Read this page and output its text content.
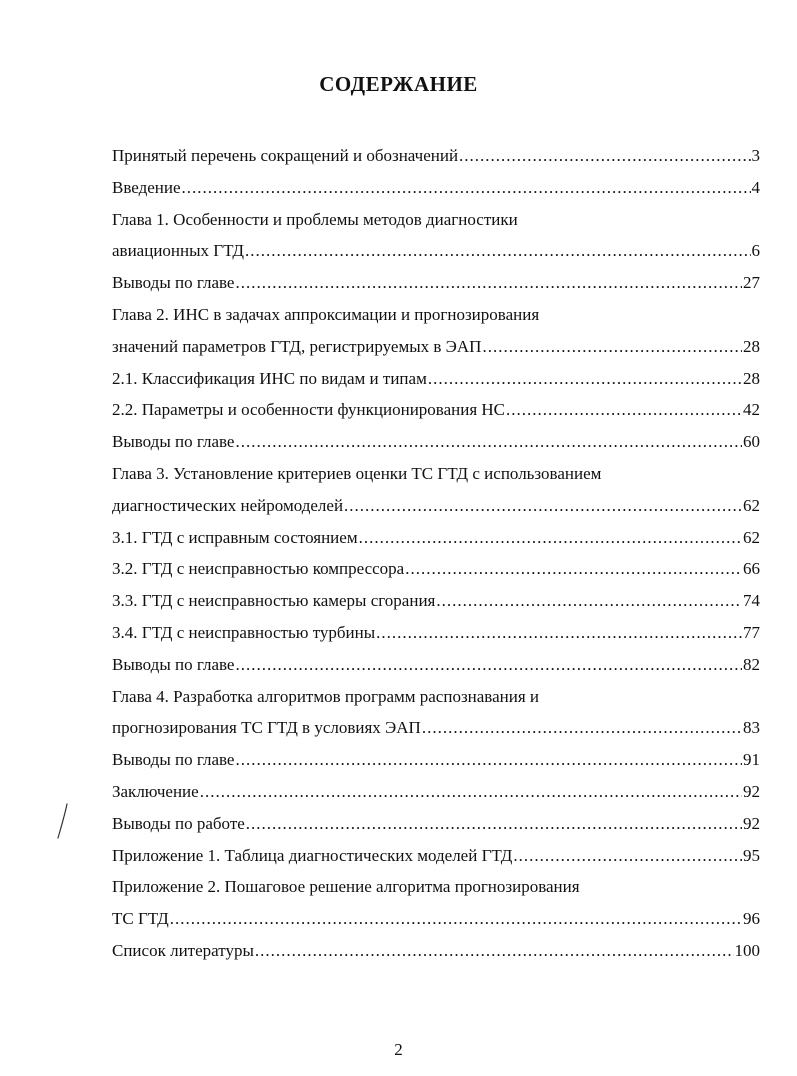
СОДЕРЖАНИЕ
Принятый перечень сокращений и обозначений .....	3
Введение .....	4
Глава 1. Особенности и проблемы методов диагностики
авиационных ГТД .....	6
Выводы по главе .....	27
Глава 2. ИНС в задачах аппроксимации и прогнозирования
значений параметров ГТД, регистрируемых в ЭАП .....	28
2.1. Классификация ИНС по видам и типам .....	28
2.2. Параметры и особенности функционирования НС .....	42
Выводы по главе .....	60
Глава 3. Установление критериев оценки ТС ГТД с использованием
диагностических нейромоделей .....	62
3.1. ГТД с исправным состоянием .....	62
3.2. ГТД с неисправностью компрессора .....	66
3.3. ГТД с неисправностью камеры сгорания .....	74
3.4. ГТД с неисправностью турбины .....	77
Выводы по главе .....	82
Глава 4. Разработка алгоритмов программ распознавания и
прогнозирования ТС ГТД в условиях ЭАП .....	83
Выводы по главе .....	91
Заключение .....	92
Выводы по работе .....	92
Приложение 1. Таблица диагностических моделей ГТД .....	95
Приложение 2. Пошаговое решение алгоритма прогнозирования
ТС ГТД .....	96
Список литературы .....	100
2
